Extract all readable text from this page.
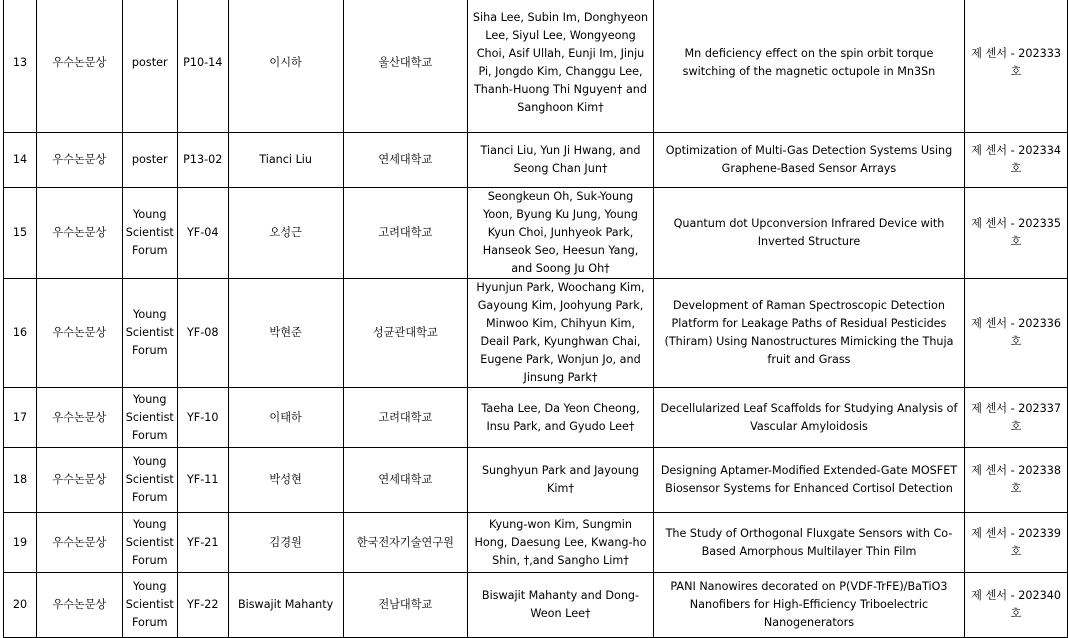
13	우수논문상	poster	P10-14	이시하	울산대학교	Siha Lee, Subin Im, Donghyeon Lee, Siyul Lee, Wongyeong Choi, Asif Ullah, Eunji Im, Jinju Pi, Jongdo Kim, Changgu Lee, Thanh-Huong Thi Nguyen† and Sanghoon Kim†	Mn deficiency effect on the spin orbit torque switching of the magnetic octupole in Mn3Sn	제 센서 - 202333 호
14	우수논문상	poster	P13-02	Tianci Liu	연세대학교	Tianci Liu, Yun Ji Hwang, and Seong Chan Jun†	Optimization of Multi-Gas Detection Systems Using Graphene-Based Sensor Arrays	제 센서 - 202334 호
15	우수논문상	Young Scientist Forum	YF-04	오성근	고려대학교	Seongkeun Oh, Suk-Young Yoon, Byung Ku Jung, Young Kyun Choi, Junhyeok Park, Hanseok Seo, Heesun Yang, and Soong Ju Oh†	Quantum dot Upconversion Infrared Device with Inverted Structure	제 센서 - 202335 호
16	우수논문상	Young Scientist Forum	YF-08	박현준	성균관대학교	Hyunjun Park, Woochang Kim, Gayoung Kim, Joohyung Park, Minwoo Kim, Chihyun Kim, Deail Park, Kyunghwan Chai, Eugene Park, Wonjun Jo, and Jinsung Park†	Development of Raman Spectroscopic Detection Platform for Leakage Paths of Residual Pesticides (Thiram) Using Nanostructures Mimicking the Thuja fruit and Grass	제 센서 - 202336 호
17	우수논문상	Young Scientist Forum	YF-10	이태하	고려대학교	Taeha Lee, Da Yeon Cheong, Insu Park, and Gyudo Lee†	Decellularized Leaf Scaffolds for Studying Analysis of Vascular Amyloidosis	제 센서 - 202337 호
18	우수논문상	Young Scientist Forum	YF-11	박성현	연세대학교	Sunghyun Park and Jayoung Kim†	Designing Aptamer-Modified Extended-Gate MOSFET Biosensor Systems for Enhanced Cortisol Detection	제 센서 - 202338 호
19	우수논문상	Young Scientist Forum	YF-21	김경원	한국전자기술연구원	Kyung-won Kim, Sungmin Hong, Daesung Lee, Kwang-ho Shin, †,and Sangho Lim†	The Study of Orthogonal Fluxgate Sensors with Co-Based Amorphous Multilayer Thin Film	제 센서 - 202339 호
20	우수논문상	Young Scientist Forum	YF-22	Biswajit Mahanty	전남대학교	Biswajit Mahanty and Dong-Weon Lee†	PANI Nanowires decorated on P(VDF-TrFE)/BaTiO3 Nanofibers for High-Efficiency Triboelectric Nanogenerators	제 센서 - 202340 호
